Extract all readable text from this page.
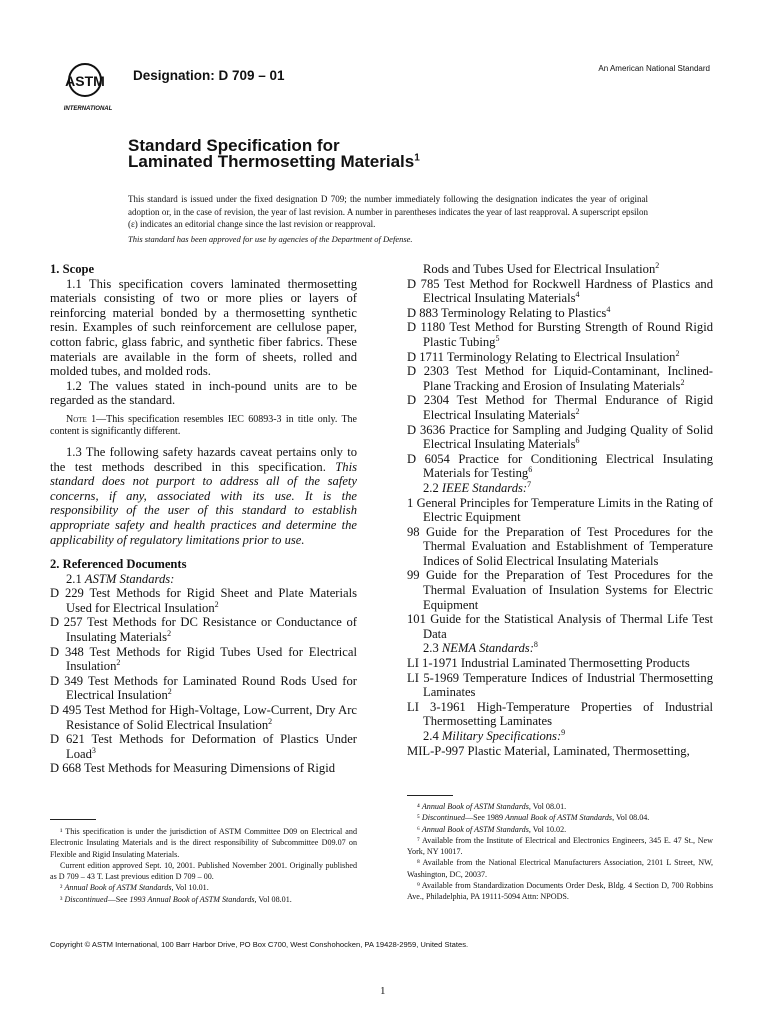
ASTM
INTERNATIONAL
Designation: D 709 – 01	An American National Standard
Standard Specification for
Laminated Thermosetting Materials$^1$
This standard is issued under the fixed designation D 709; the number immediately following the designation indicates the year of original adoption or, in the case of revision, the year of last revision. A number in parentheses indicates the year of last reapproval. A superscript epsilon (ε) indicates an editorial change since the last revision or reapproval.
This standard has been approved for use by agencies of the Department of Defense.

1. Scope

1.1 This specification covers laminated thermosetting materials consisting of two or more plies or layers of reinforcing material bonded by a thermosetting synthetic resin. Examples of such reinforcement are cellulose paper, cotton fabric, glass fabric, and synthetic fiber fabrics. These materials are available in the form of sheets, rolled and molded tubes, and molded rods.

1.2 The values stated in inch-pound units are to be regarded as the standard.

Note 1—This specification resembles IEC 60893-3 in title only. The content is significantly different.

1.3 The following safety hazards caveat pertains only to the test methods described in this specification. This standard does not purport to address all of the safety concerns, if any, associated with its use. It is the responsibility of the user of this standard to establish appropriate safety and health practices and determine the applicability of regulatory limitations prior to use.

2. Referenced Documents

2.1 ASTM Standards:

D 229 Test Methods for Rigid Sheet and Plate Materials Used for Electrical Insulation$^2$

D 257 Test Methods for DC Resistance or Conductance of Insulating Materials$^2$

D 348 Test Methods for Rigid Tubes Used for Electrical Insulation$^2$

D 349 Test Methods for Laminated Round Rods Used for Electrical Insulation$^2$

D 495 Test Method for High-Voltage, Low-Current, Dry Arc Resistance of Solid Electrical Insulation$^2$

D 621 Test Methods for Deformation of Plastics Under Load$^3$

D 668 Test Methods for Measuring Dimensions of Rigid

Rods and Tubes Used for Electrical Insulation$^2$

D 785 Test Method for Rockwell Hardness of Plastics and Electrical Insulating Materials$^4$

D 883 Terminology Relating to Plastics$^4$

D 1180 Test Method for Bursting Strength of Round Rigid Plastic Tubing$^5$

D 1711 Terminology Relating to Electrical Insulation$^2$

D 2303 Test Method for Liquid-Contaminant, Inclined-Plane Tracking and Erosion of Insulating Materials$^2$

D 2304 Test Method for Thermal Endurance of Rigid Electrical Insulating Materials$^2$

D 3636 Practice for Sampling and Judging Quality of Solid Electrical Insulating Materials$^6$

D 6054 Practice for Conditioning Electrical Insulating Materials for Testing$^6$

2.2 IEEE Standards:$^7$

1 General Principles for Temperature Limits in the Rating of Electric Equipment

98 Guide for the Preparation of Test Procedures for the Thermal Evaluation and Establishment of Temperature Indices of Solid Electrical Insulating Materials

99 Guide for the Preparation of Test Procedures for the Thermal Evaluation of Insulation Systems for Electric Equipment

101 Guide for the Statistical Analysis of Thermal Life Test Data

2.3 NEMA Standards:$^8$

LI 1-1971 Industrial Laminated Thermosetting Products

LI 5-1969 Temperature Indices of Industrial Thermosetting Laminates

LI 3-1961 High-Temperature Properties of Industrial Thermosetting Laminates

2.4 Military Specifications:$^9$

MIL-P-997 Plastic Material, Laminated, Thermosetting,

¹ This specification is under the jurisdiction of ASTM Committee D09 on Electrical and Electronic Insulating Materials and is the direct responsibility of Subcommittee D09.07 on Flexible and Rigid Insulating Materials.

Current edition approved Sept. 10, 2001. Published November 2001. Originally published as D 709 – 43 T. Last previous edition D 709 – 00.

² Annual Book of ASTM Standards, Vol 10.01.

³ Discontinued—See 1993 Annual Book of ASTM Standards, Vol 08.01.

⁴ Annual Book of ASTM Standards, Vol 08.01.

⁵ Discontinued—See 1989 Annual Book of ASTM Standards, Vol 08.04.

⁶ Annual Book of ASTM Standards, Vol 10.02.

⁷ Available from the Institute of Electrical and Electronics Engineers, 345 E. 47 St., New York, NY 10017.

⁸ Available from the National Electrical Manufacturers Association, 2101 L Street, NW, Washington, DC, 20037.

⁹ Available from Standardization Documents Order Desk, Bldg. 4 Section D, 700 Robbins Ave., Philadelphia, PA 19111-5094 Attn: NPODS.

Copyright © ASTM International, 100 Barr Harbor Drive, PO Box C700, West Conshohocken, PA 19428-2959, United States.
1
